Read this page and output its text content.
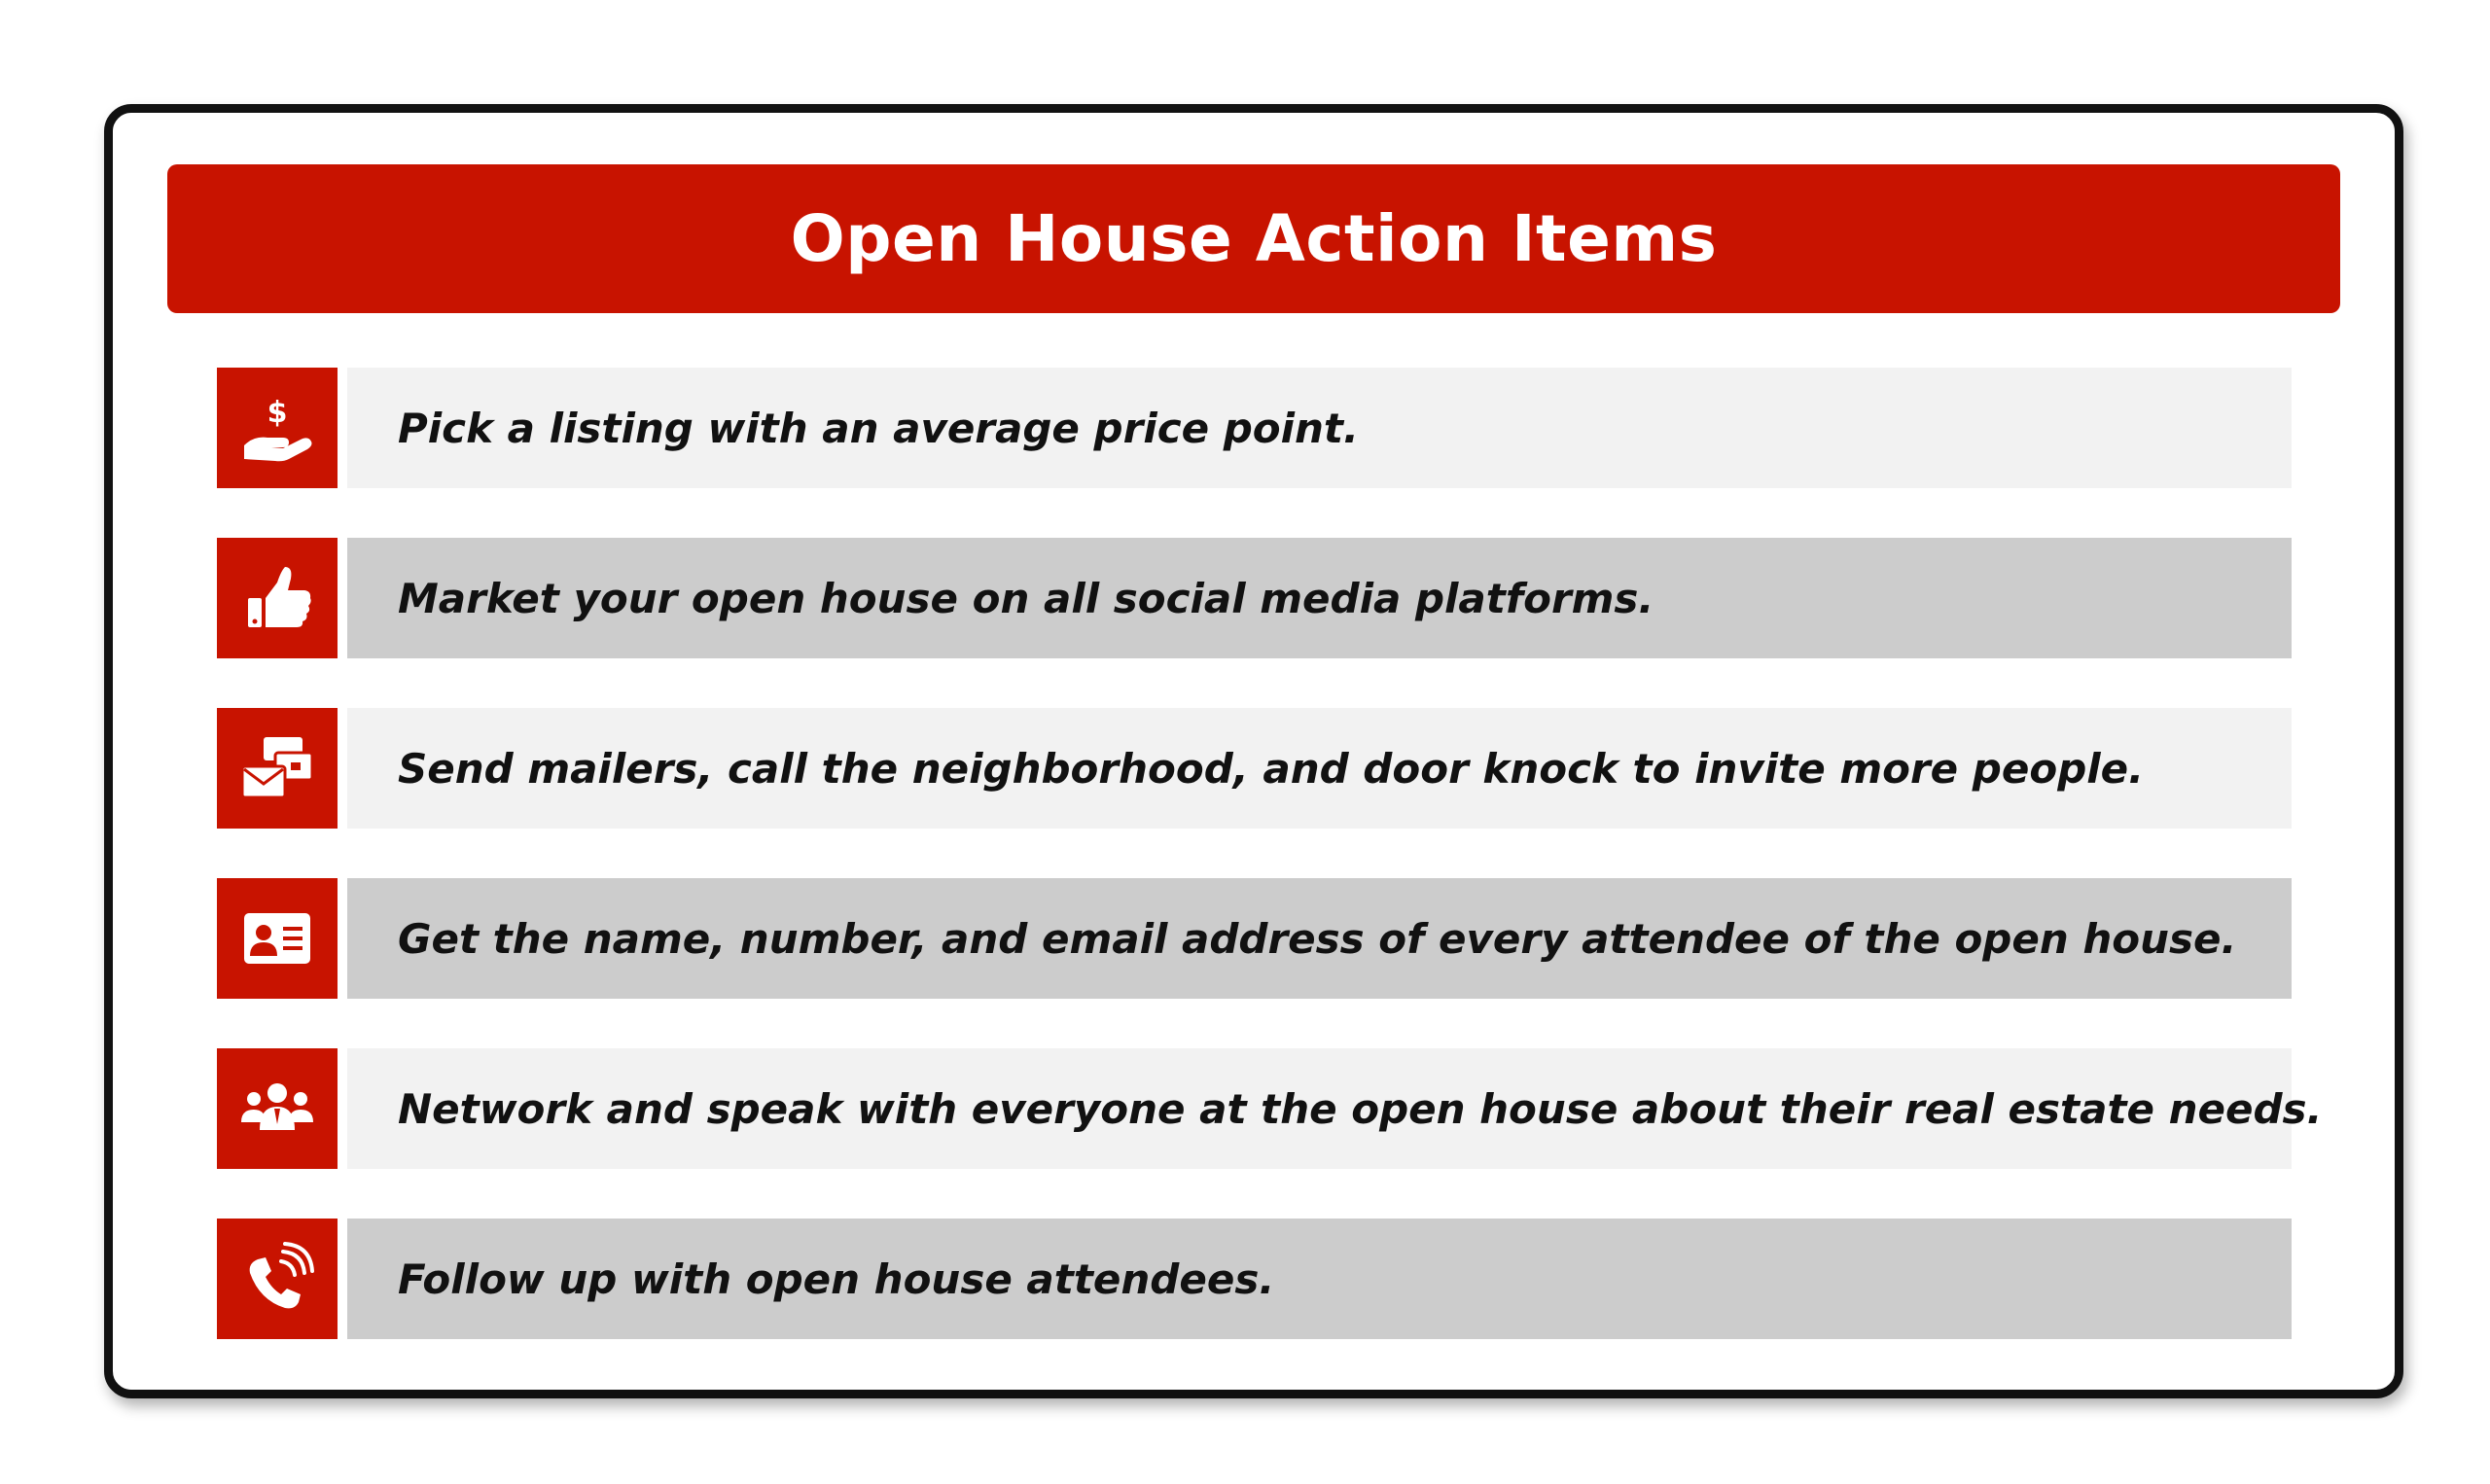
Open House Action Items
$	Pick a listing with an average price point.
Market your open house on all social media platforms.
Send mailers, call the neighborhood, and door knock to invite more people.
Get the name, number, and email address of every attendee of the open house.
Network and speak with everyone at the open house about their real estate needs.
Follow up with open house attendees.
